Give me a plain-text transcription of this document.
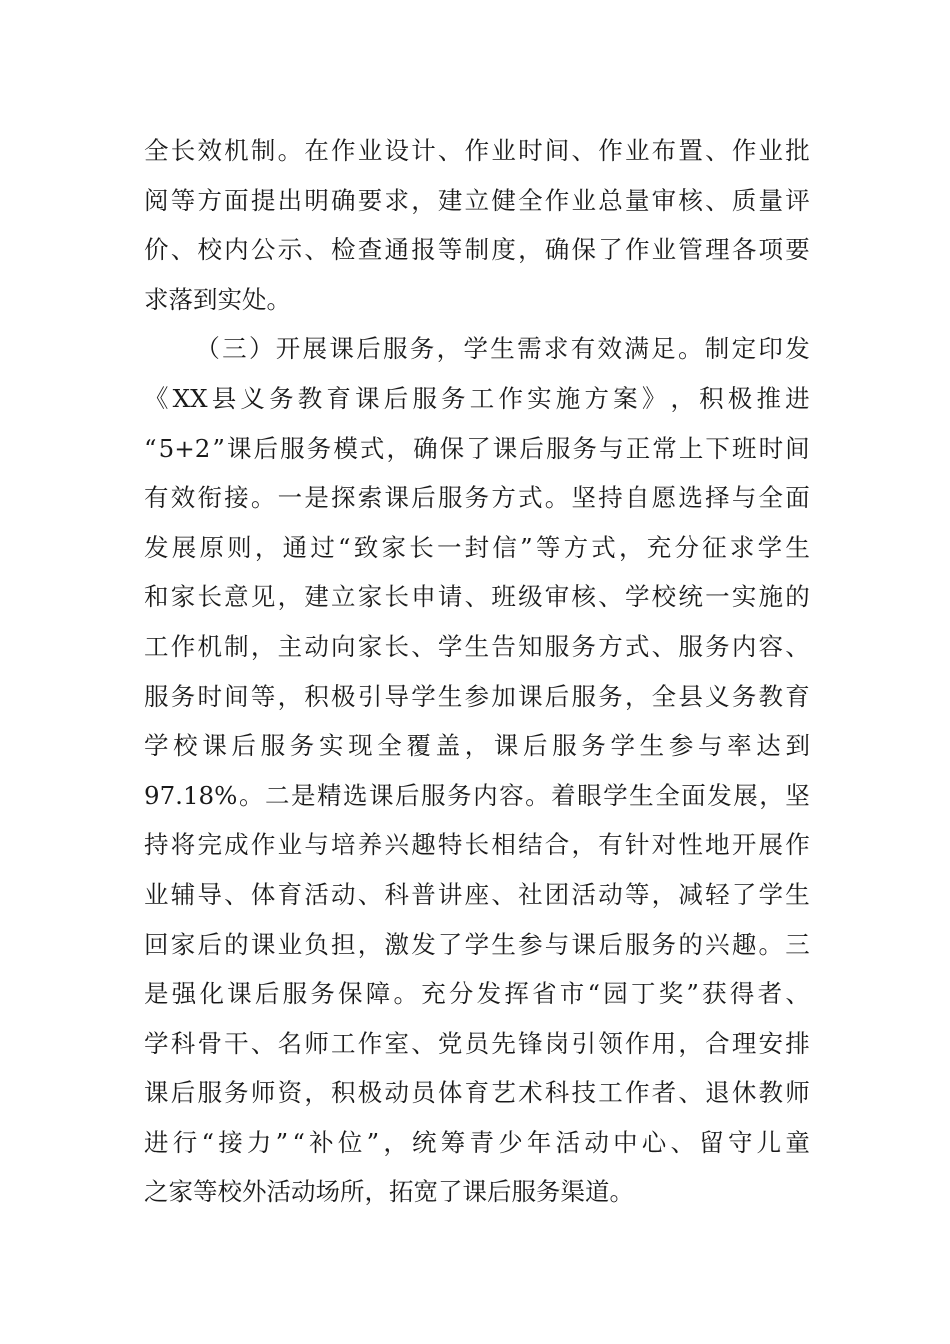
全 长 效 机 制 。 在 作 业 设 计 、 作 业 时 间 、 作 业 布 置 、 作 业 批
阅 等 方 面 提 出 明 确 要 求 ， 建 立 健 全 作 业 总 量 审 核 、 质 量 评
价 、 校 内 公 示 、 检 查 通 报 等 制 度 ， 确 保 了 作 业 管 理 各 项 要
求落到实处。

（ 三 ） 开 展 课 后 服 务 ， 学 生 需 求 有 效 满 足 。 制 定 印 发
《 XX 县 义 务 教 育 课 后 服 务 工 作 实 施 方 案 》 ， 积 极 推 进
“ 5+2 ” 课 后 服 务 模 式 ， 确 保 了 课 后 服 务 与 正 常 上 下 班 时 间
有 效 衔 接 。 一 是 探 索 课 后 服 务 方 式 。 坚 持 自 愿 选 择 与 全 面
发 展 原 则 ， 通 过 “ 致 家 长 一 封 信 ” 等 方 式 ， 充 分 征 求 学 生
和 家 长 意 见 ， 建 立 家 长 申 请 、 班 级 审 核 、 学 校 统 一 实 施 的
工 作 机 制 ， 主 动 向 家 长 、 学 生 告 知 服 务 方 式 、 服 务 内 容 、
服 务 时 间 等 ， 积 极 引 导 学 生 参 加 课 后 服 务 ， 全 县 义 务 教 育
学 校 课 后 服 务 实 现 全 覆 盖 ， 课 后 服 务 学 生 参 与 率 达 到
97.18% 。 二 是 精 选 课 后 服 务 内 容 。 着 眼 学 生 全 面 发 展 ， 坚
持 将 完 成 作 业 与 培 养 兴 趣 特 长 相 结 合 ， 有 针 对 性 地 开 展 作
业 辅 导 、 体 育 活 动 、 科 普 讲 座 、 社 团 活 动 等 ， 减 轻 了 学 生
回 家 后 的 课 业 负 担 ， 激 发 了 学 生 参 与 课 后 服 务 的 兴 趣 。 三
是 强 化 课 后 服 务 保 障 。 充 分 发 挥 省 市 “ 园 丁 奖 ” 获 得 者 、
学 科 骨 干 、 名 师 工 作 室 、 党 员 先 锋 岗 引 领 作 用 ， 合 理 安 排
课 后 服 务 师 资 ， 积 极 动 员 体 育 艺 术 科 技 工 作 者 、 退 休 教 师
进 行 “ 接 力 ” “ 补 位 ” ， 统 筹 青 少 年 活 动 中 心 、 留 守 儿 童
之家等校外活动场所，拓宽了课后服务渠道。
